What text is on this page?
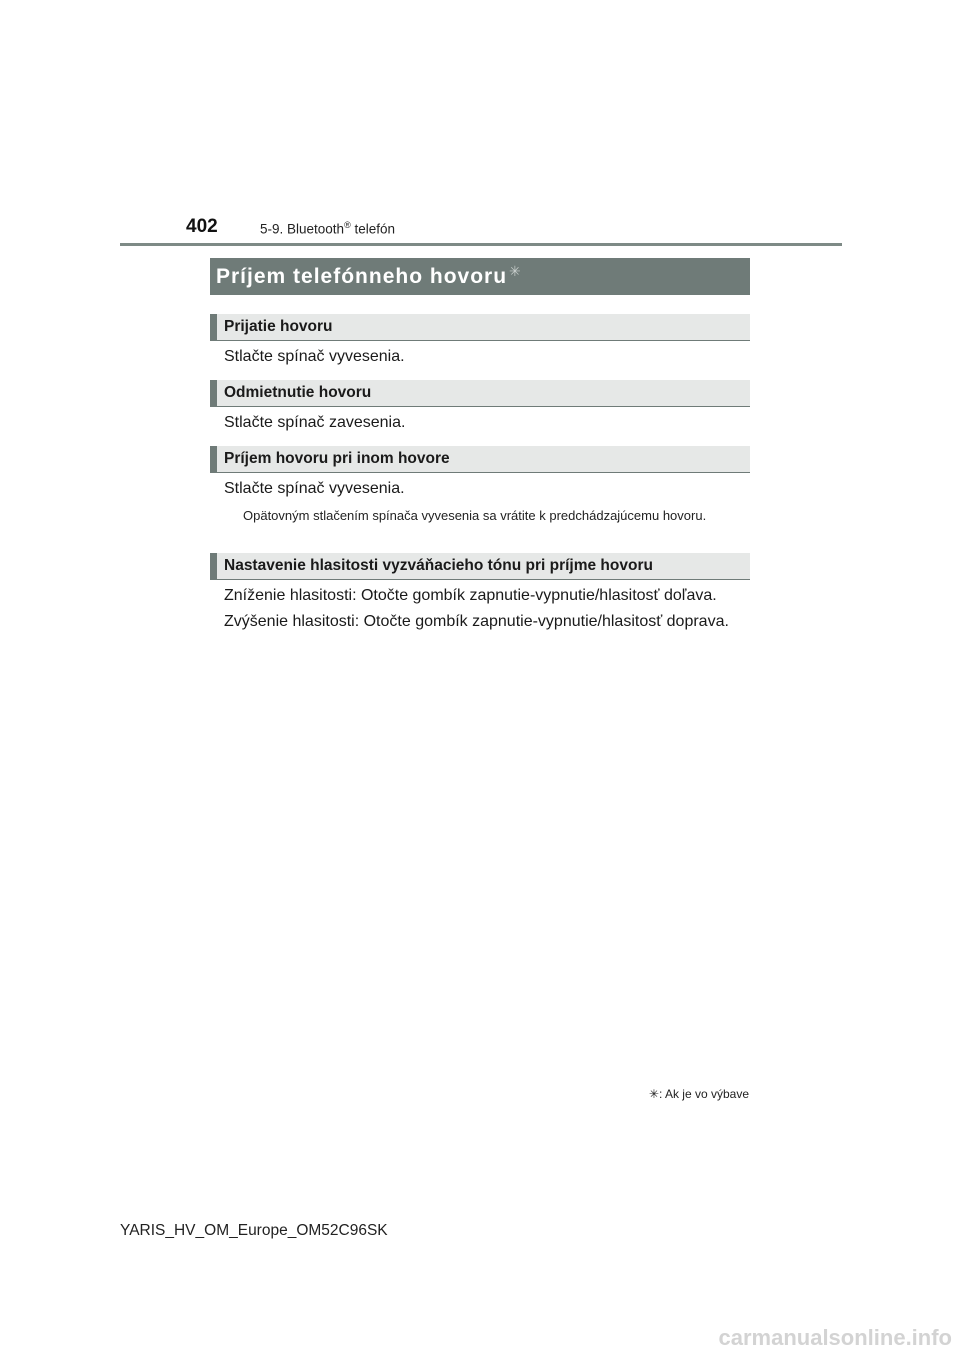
402	5-9. Bluetooth® telefón
Príjem telefónneho hovoru ✳
Prijatie hovoru
Stlačte spínač vyvesenia.
Odmietnutie hovoru
Stlačte spínač zavesenia.
Príjem hovoru pri inom hovore
Stlačte spínač vyvesenia.
Opätovným stlačením spínača vyvesenia sa vrátite k predchádzajúcemu hovoru.
Nastavenie hlasitosti vyzváňacieho tónu pri príjme hovoru
Zníženie hlasitosti: Otočte gombík zapnutie-vypnutie/hlasitosť doľava.
Zvýšenie hlasitosti: Otočte gombík zapnutie-vypnutie/hlasitosť doprava.
✳: Ak je vo výbave
YARIS_HV_OM_Europe_OM52C96SK
carmanualsonline.info
